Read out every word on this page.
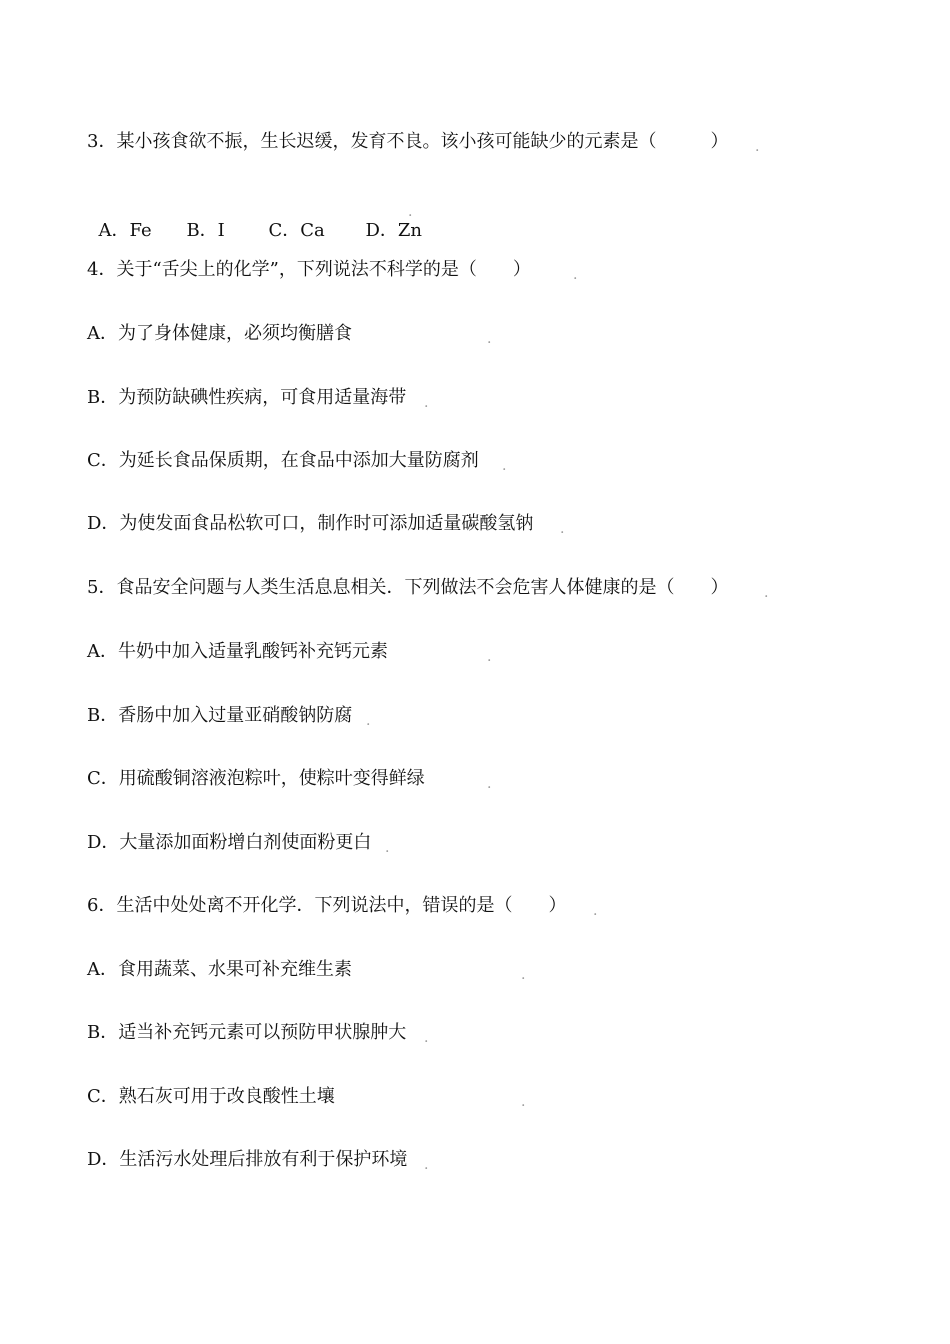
3．某小孩食欲不振，生长迟缓，发育不良。该小孩可能缺少的元素是（　　　） .

A．Fe B．I C．Ca D．Zn

.
4．关于“舌尖上的化学”，下列说法不科学的是（　　）	.
A．为了身体健康，必须均衡膳食	.
B．为预防缺碘性疾病，可食用适量海带 .
C．为延长食品保质期，在食品中添加大量防腐剂 .
D．为使发面食品松软可口，制作时可添加适量碳酸氢钠 .
5．食品安全问题与人类生活息息相关．下列做法不会危害人体健康的是（　　）	.
A．牛奶中加入适量乳酸钙补充钙元素	.
B．香肠中加入过量亚硝酸钠防腐 .
C．用硫酸铜溶液泡粽叶，使粽叶变得鲜绿	.
D．大量添加面粉增白剂使面粉更白 .
6．生活中处处离不开化学．下列说法中，错误的是（　　） .
A．食用蔬菜、水果可补充维生素	.
B．适当补充钙元素可以预防甲状腺肿大 .
C．熟石灰可用于改良酸性土壤	.
D．生活污水处理后排放有利于保护环境 .
